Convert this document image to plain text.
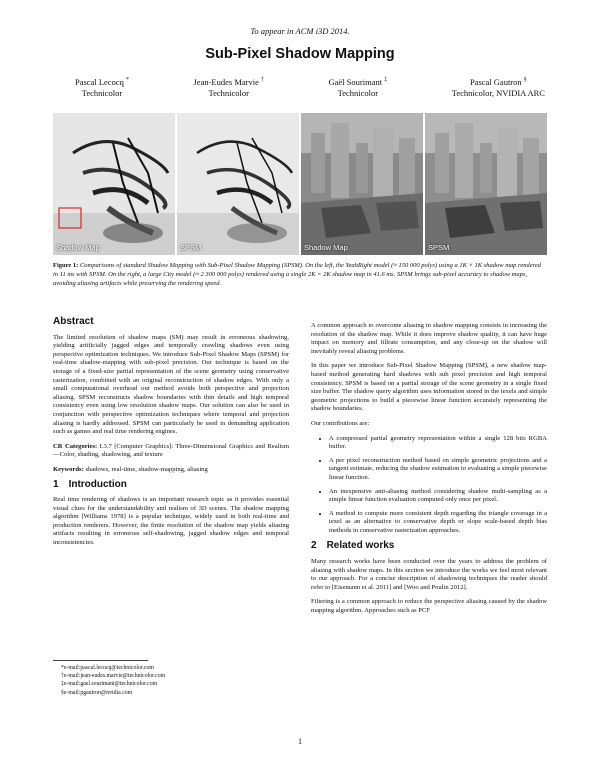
To appear in ACM i3D 2014.
Sub-Pixel Shadow Mapping
Pascal Lecocq *
Technicolor
Jean-Eudes Marvie †
Technicolor
Gaël Sourimant ‡
Technicolor
Pascal Gautron §
Technicolor, NVIDIA ARC
Shadow Map	SPSM	Shadow Map	SPSM
Figure 1: Comparisons of standard Shadow Mapping with Sub-Pixel Shadow Mapping (SPSM). On the left, the YeahRight model (≈ 150 000 polys) using a 1K × 1K shadow map rendered in 11 ms with SPSM. On the right, a large City model (≈ 2 300 000 polys) rendered using a single 2K × 2K shadow map in 41.6 ms. SPSM brings sub-pixel accuracy to shadow maps, avoiding aliasing artifacts while preserving the rendering speed.
Abstract

The limited resolution of shadow maps (SM) may result in erroneous shadowing, yielding artificially jagged edges and temporally crawling shadows even using perspective optimization techniques. We introduce Sub-Pixel Shadow Maps (SPSM) for real-time shadow-mapping with sub-pixel precision. Our technique is based on the storage of a fixed-size partial representation of the scene geometry using conservative rasterization, combined with an original reconstruction of shadow edges. With only a small computational overhead our method avoids both perspective and projection aliasing. SPSM reconstructs shadow boundaries with thin details and high temporal consistency even using low resolution shadow maps. Our solution can also be used in conjunction with perspective optimization techniques where temporal and projection aliasing is hardly addressed. SPSM can particularly be used in demanding application such as games and real time rendering engines.

CR Categories: I.3.7 [Computer Graphics]: Three-Dimensional Graphics and Realism—Color, shading, shadowing, and texture

Keywords: shadows, real-time, shadow-mapping, aliasing

1 Introduction

Real time rendering of shadows is an important research topic as it provides essential visual clues for the understandability and realism of 3D scenes. The shadow mapping algorithm [Williams 1978] is a popular technique, widely used in both real-time and production renderers. However, the finite resolution of the shadow map yields aliasing artifacts resulting in erroneous self-shadowing, jagged shadow edges and temporal inconsistencies.

*e-mail:pascal.lecocq@technicolor.com
†e-mail:jean-eudes.marvie@technicolor.com
‡e-mail:gael.sourimant@technicolor.com
§e-mail:pgautron@nvidia.com

A common approach to overcome aliasing in shadow mapping consists in increasing the resolution of the shadow map. While it does improve shadow quality, it can have huge impact on memory and fillrate consumption, and any close-up on the shadow will inevitably reveal aliasing problems.

In this paper we introduce Sub-Pixel Shadow Mapping (SPSM), a new shadow map-based method generating hard shadows with sub pixel precision and high temporal consistency. SPSM is based on a partial storage of the scene geometry in a single fixed size buffer. The shadow query algorithm uses information stored in the texels and simple geometric projections to build a piecewise linear function accurately representing the shadow boundaries.

Our contributions are:

• A compressed partial geometry representation within a single 128 bits RGBA buffer.
• A per pixel reconstruction method based on simple geometric projections and a tangent estimate, reducing the shadow estimation to evaluating a simple piecewise linear function.
• An inexpensive anti-aliasing method considering shadow multi-sampling as a simple linear function evaluation computed only once per pixel.
• A method to compute more consistent depth regarding the triangle coverage in a texel as an alternative to conservative depth or slope scale-based depth bias methods in conservative rasterization approaches.
2 Related works

Many research works have been conducted over the years to address the problem of aliasing with shadow maps. In this section we introduce the works we feel most relevant to our approach. For a concise description of shadowing techniques the reader should refer to [Eisemann et al. 2011] and [Woo and Poulin 2012].

Filtering is a common approach to reduce the perspective aliasing caused by the shadow mapping algorithm. Approaches such as PCF

1
